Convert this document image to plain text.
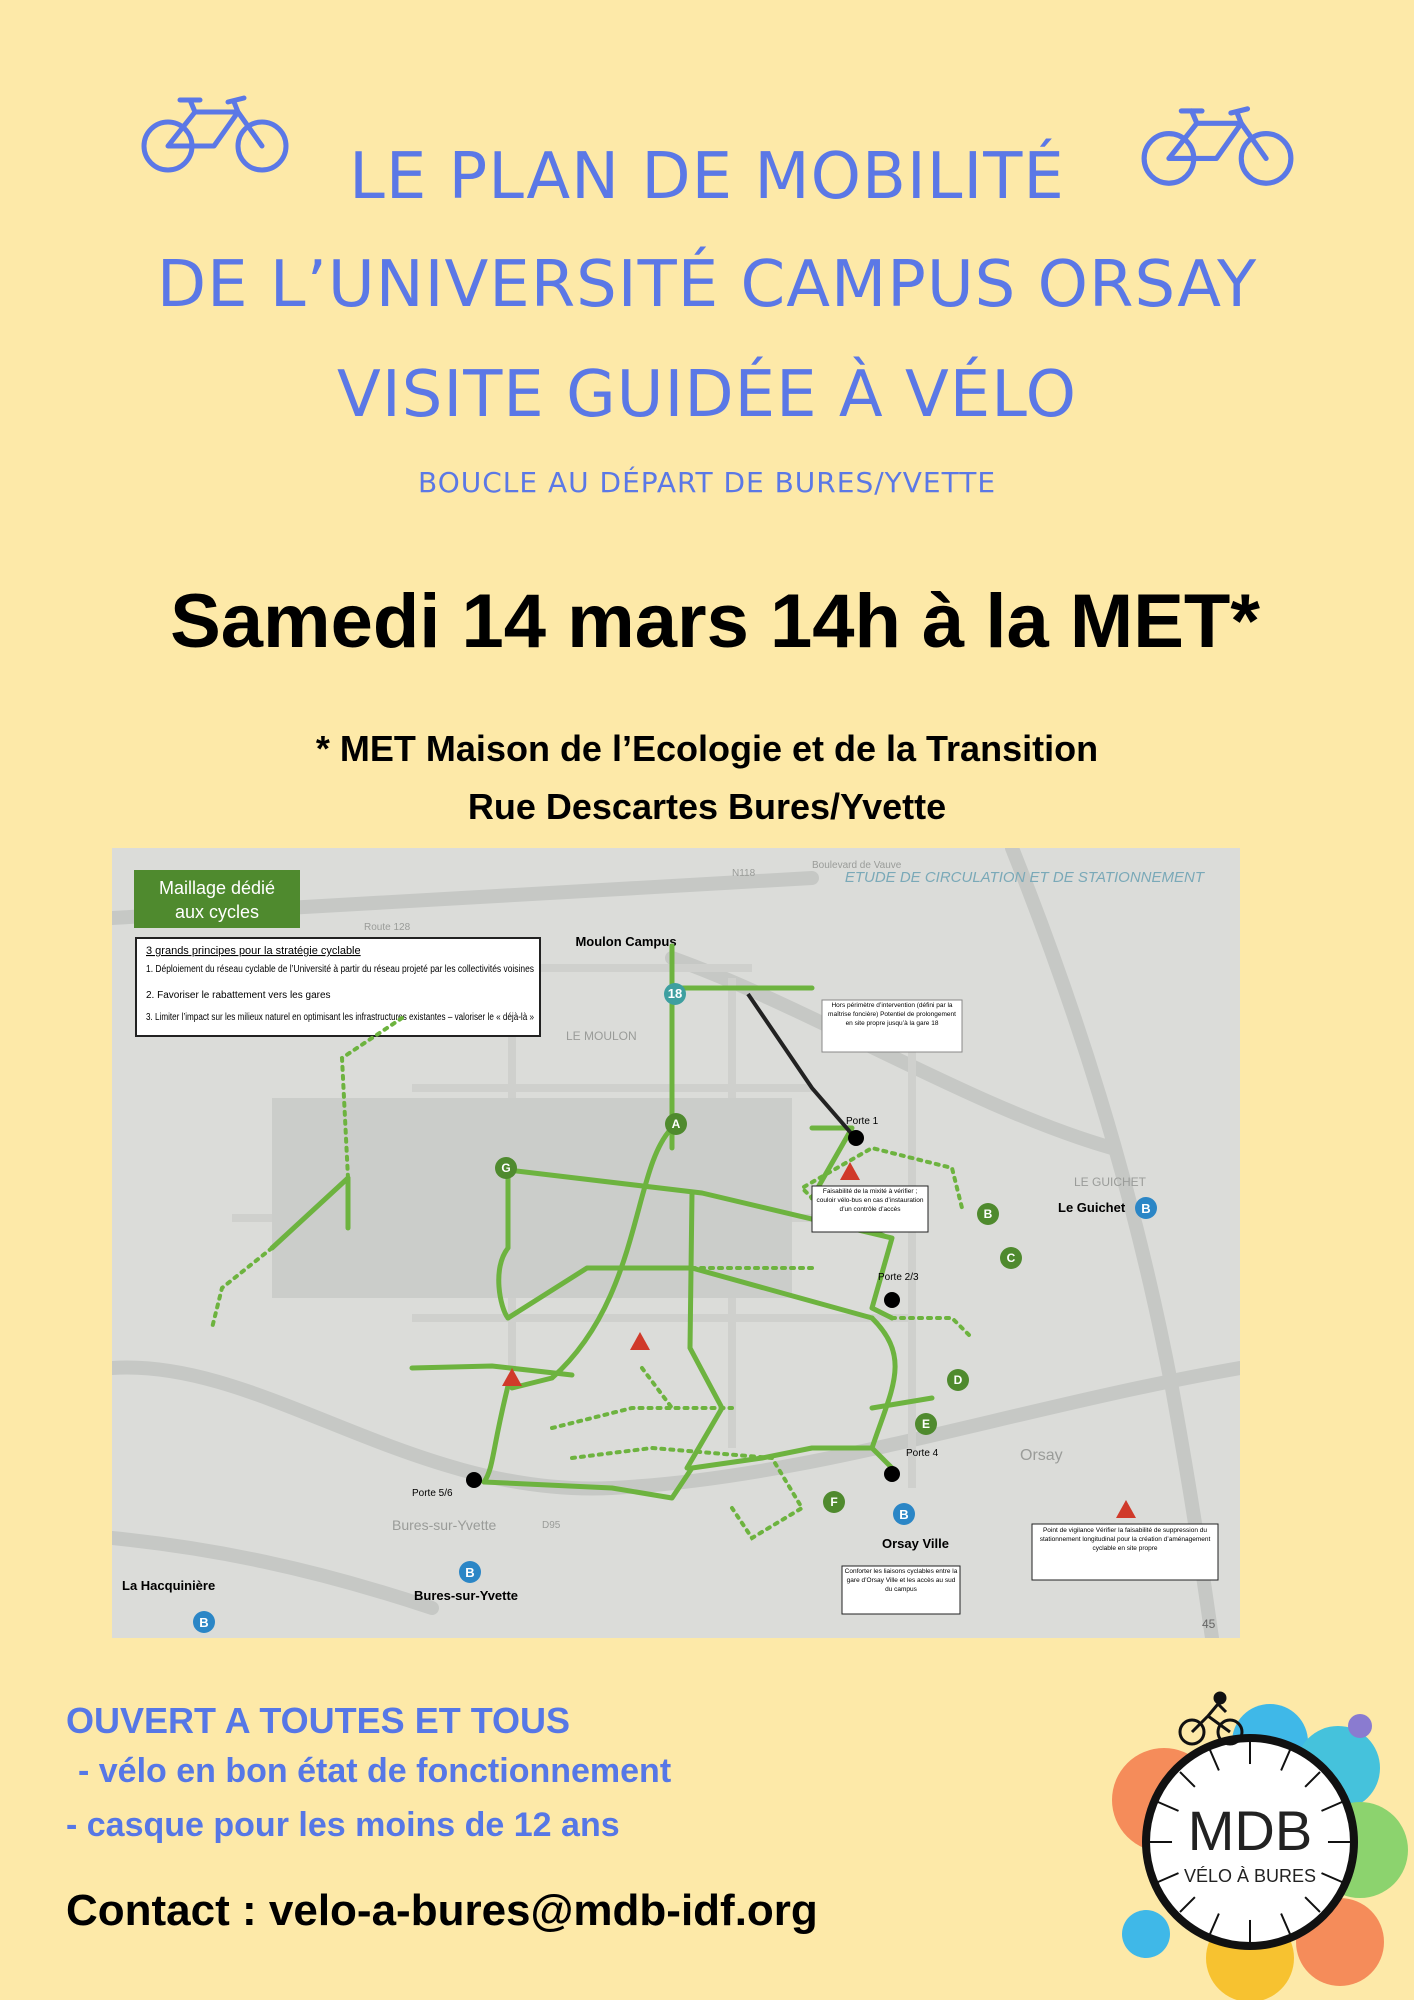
LE PLAN DE MOBILITÉ
DE L’UNIVERSITÉ CAMPUS ORSAY
VISITE GUIDÉE À VÉLO
BOUCLE AU DÉPART DE BURES/YVETTE
Samedi 14 mars 14h à la MET*
* MET Maison de l’Ecologie et de la Transition
Rue Descartes Bures/Yvette
ETUDE DE CIRCULATION ET DE STATIONNEMENT
Maillage dédié
aux cycles
3 grands principes pour la stratégie cyclable
1. Déploiement du réseau cyclable de l’Université à partir du réseau projeté par les collectivités voisines
2. Favoriser le rabattement vers les gares
3. Limiter l’impact sur les milieux naturel en optimisant les infrastructures existantes – valoriser le « déjà-là »
Moulon Campus
LE MOULON
LE GUICHET
Orsay
Bures-sur-Yvette
N118
D95
Route 128
Boulevard de Vauve
Porte 1
Porte 2/3
Porte 4
Porte 5/6
A
B
C
D
E
F
G
18
B
B
B
B
Le Guichet
Orsay Ville
Bures-sur-Yvette
La Hacquinière
Hors périmètre d’intervention (défini par la maîtrise foncière) Potentiel de prolongement en site propre jusqu’à la gare 18
Faisabilité de la mixité à vérifier ; couloir vélo-bus en cas d’instauration d’un contrôle d’accès
Point de vigilance Vérifier la faisabilité de suppression du stationnement longitudinal pour la création d’aménagement cyclable en site propre
Conforter les liaisons cyclables entre la gare d’Orsay Ville et les accès au sud du campus
45
OUVERT A TOUTES ET TOUS
- vélo en bon état de fonctionnement
- casque pour les moins de 12 ans
Contact : velo-a-bures@mdb-idf.org
MDB
VÉLO À BURES
